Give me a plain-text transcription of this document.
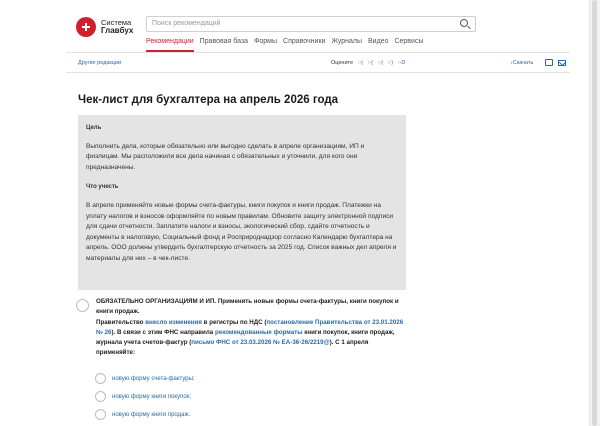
Система
Главбух
Поиск рекомендаций
Рекомендации Правовая база Формы Справочники Журналы Видео Сервисы
Другие редакции	Оцените :-| :-( :-| :-) :-D	↓Скачать
Чек-лист для бухгалтера на апрель 2026 года
Цель

Выполнить дела, которые обязательно или выгодно сделать в апреле организациям, ИП и физлицам. Мы расположили все дела начиная с обязательных и уточнили, для кого они предназначены.

Что учесть

В апреле применяйте новые формы счета-фактуры, книги покупок и книги продаж. Платежки на уплату налогов и взносов оформляйте по новым правилам. Обновите защиту электронной подписи для сдачи отчетности. Заплатите налоги и взносы, экологический сбор, сдайте отчетность и документы в налоговую, Социальный фонд и Росприроднадзор согласно Календарю бухгалтера на апрель. ООО должны утвердить бухгалтерскую отчетность за 2025 год. Список важных дел апреля и материалы для них – в чек-листе.

ОБЯЗАТЕЛЬНО ОРГАНИЗАЦИЯМ И ИП. Применять новые формы счета-фактуры, книги покупок и книги продаж.
Правительство внесло изменения в регистры по НДС (постановление Правительства от 23.01.2026 № 26). В связи с этим ФНС направила рекомендованные форматы книги покупок, книги продаж, журнала учета счетов-фактур (письмо ФНС от 23.03.2026 № ЕА-36-26/2219@). С 1 апреля применяйте:
новую форму счета-фактуры;
новую форму книги покупок;
новую форму книги продаж.
